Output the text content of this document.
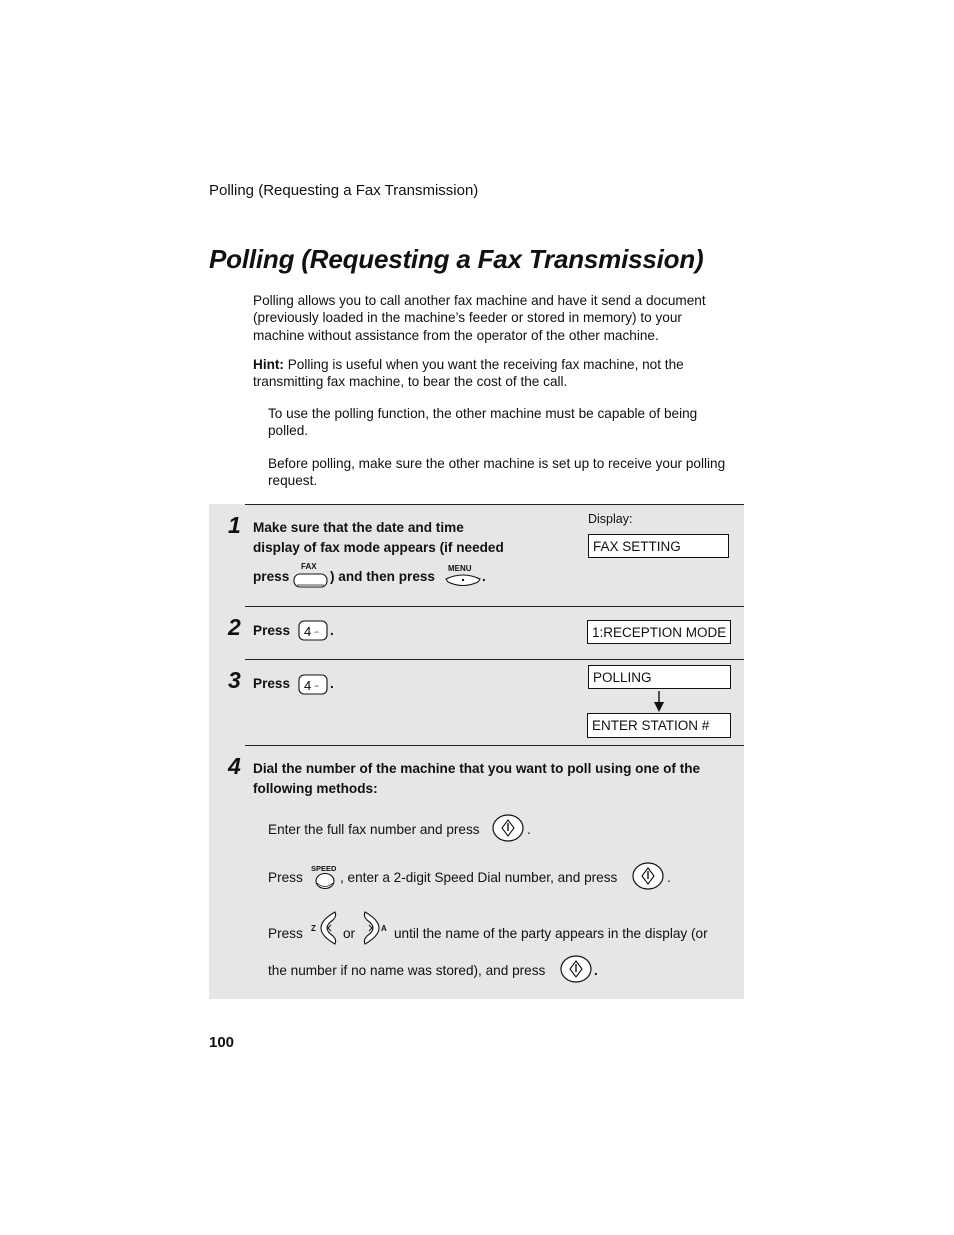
Polling (Requesting a Fax Transmission)
Polling (Requesting a Fax Transmission)
Polling allows you to call another fax machine and have it send a document (previously loaded in the machine’s feeder or stored in memory) to your machine without assistance from the operator of the other machine.
Hint: Polling is useful when you want the receiving fax machine, not the transmitting fax machine, to bear the cost of the call.
To use the polling function, the other machine must be capable of being polled.
Before polling, make sure the other machine is set up to receive your polling request.
1 Make sure that the date and time
display of fax mode appears (if needed
press
FAX
) and then press
MENU
.
Display:
FAX SETTING
2 Press 4 ⇔ .	1:RECEPTION MODE
3 Press 4 ⇔ .	POLLING
ENTER STATION #
4 Dial the number of the machine that you want to poll using one of the
following methods:
Enter the full fax number and press	.
Press
SPEED
, enter a 2-digit Speed Dial number, and press	.
Press Z or	A until the name of the party appears in the display (or
the number if no name was stored), and press	.
100
